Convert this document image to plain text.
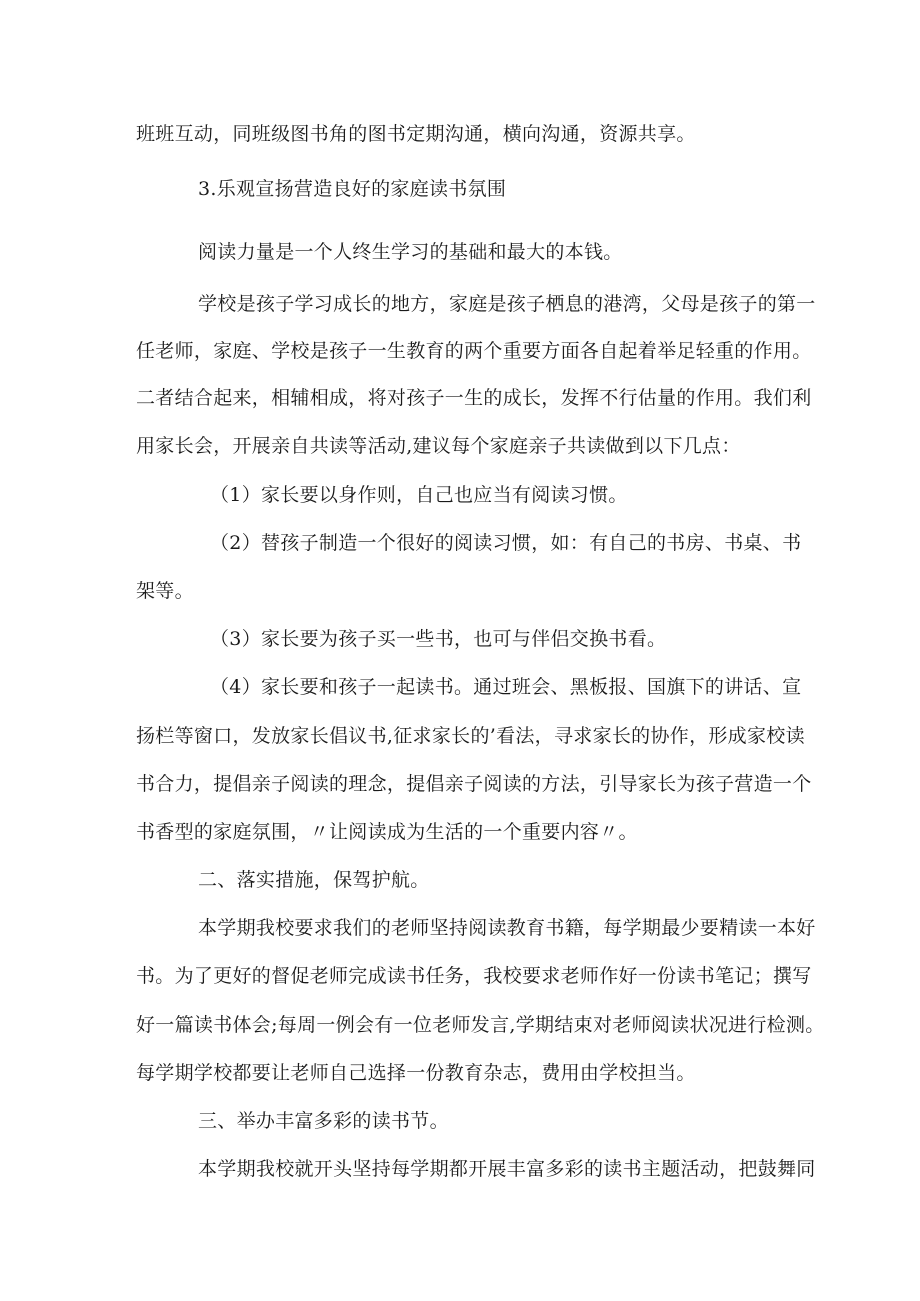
班班互动，同班级图书角的图书定期沟通，横向沟通，资源共享。

3.乐观宣扬营造良好的家庭读书氛围

阅读力量是一个人终生学习的基础和最大的本钱。

学校是孩子学习成长的地方，家庭是孩子栖息的港湾，父母是孩子的第一

任老师，家庭、学校是孩子一生教育的两个重要方面各自起着举足轻重的作用。

二者结合起来，相辅相成，将对孩子一生的成长，发挥不行估量的作用。我们利

用家长会，开展亲自共读等活动,建议每个家庭亲子共读做到以下几点：

（1）家长要以身作则，自己也应当有阅读习惯。

（2）替孩子制造一个很好的阅读习惯，如：有自己的书房、书桌、书

架等。

（3）家长要为孩子买一些书，也可与伴侣交换书看。

（4）家长要和孩子一起读书。通过班会、黑板报、国旗下的讲话、宣

扬栏等窗口，发放家长倡议书,征求家长的’看法，寻求家长的协作，形成家校读

书合力，提倡亲子阅读的理念，提倡亲子阅读的方法，引导家长为孩子营造一个

书香型的家庭氛围，〃让阅读成为生活的一个重要内容〃。

二、落实措施，保驾护航。

本学期我校要求我们的老师坚持阅读教育书籍，每学期最少要精读一本好

书。为了更好的督促老师完成读书任务，我校要求老师作好一份读书笔记；撰写

好一篇读书体会;每周一例会有一位老师发言,学期结束对老师阅读状况进行检测。

每学期学校都要让老师自己选择一份教育杂志，费用由学校担当。

三、举办丰富多彩的读书节。

本学期我校就开头坚持每学期都开展丰富多彩的读书主题活动，把鼓舞同
